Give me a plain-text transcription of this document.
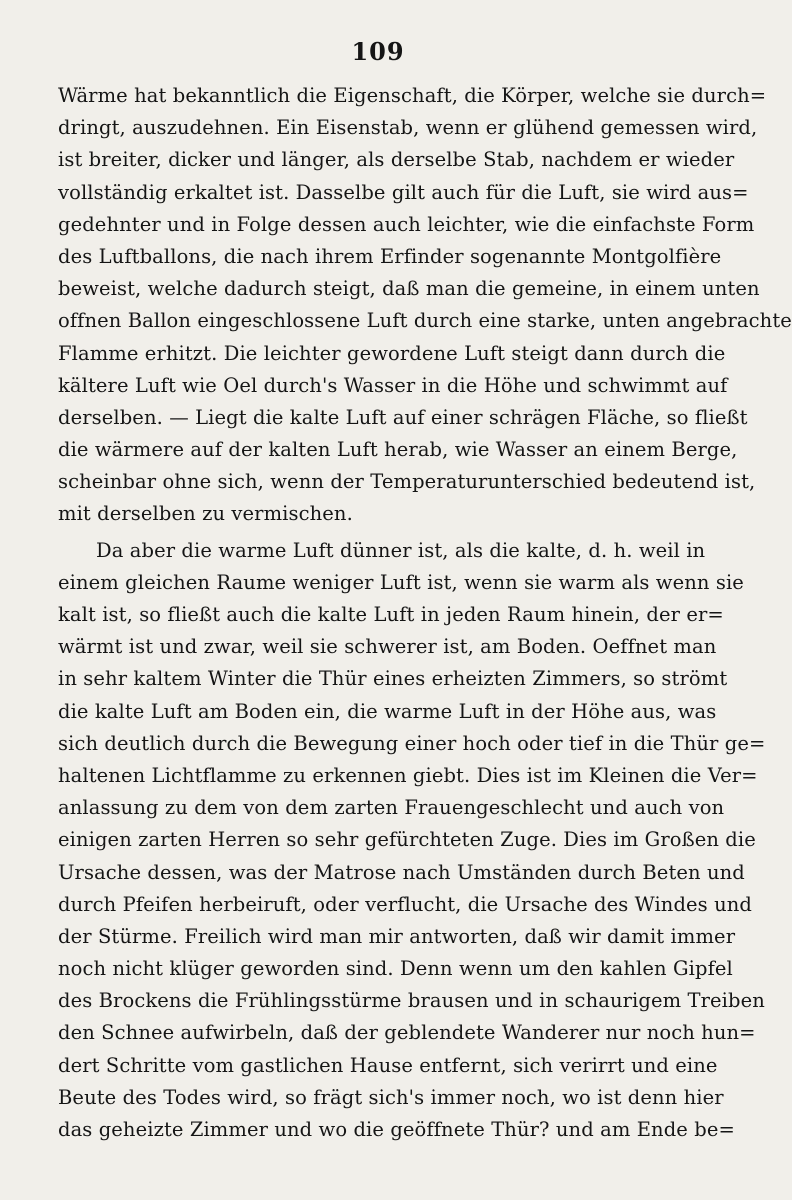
109
Wärme hat bekanntlich die Eigenschaft, die Körper, welche sie durch=
dringt, auszudehnen. Ein Eisenstab, wenn er glühend gemessen wird,
ist breiter, dicker und länger, als derselbe Stab, nachdem er wieder
vollständig erkaltet ist. Dasselbe gilt auch für die Luft, sie wird aus=
gedehnter und in Folge dessen auch leichter, wie die einfachste Form
des Luftballons, die nach ihrem Erfinder sogenannte Montgolfière
beweist, welche dadurch steigt, daß man die gemeine, in einem unten
offnen Ballon eingeschlossene Luft durch eine starke, unten angebrachte
Flamme erhitzt. Die leichter gewordene Luft steigt dann durch die
kältere Luft wie Oel durch's Wasser in die Höhe und schwimmt auf
derselben. — Liegt die kalte Luft auf einer schrägen Fläche, so fließt
die wärmere auf der kalten Luft herab, wie Wasser an einem Berge,
scheinbar ohne sich, wenn der Temperaturunterschied bedeutend ist,
mit derselben zu vermischen.
Da aber die warme Luft dünner ist, als die kalte, d. h. weil in
einem gleichen Raume weniger Luft ist, wenn sie warm als wenn sie
kalt ist, so fließt auch die kalte Luft in jeden Raum hinein, der er=
wärmt ist und zwar, weil sie schwerer ist, am Boden. Oeffnet man
in sehr kaltem Winter die Thür eines erheizten Zimmers, so strömt
die kalte Luft am Boden ein, die warme Luft in der Höhe aus, was
sich deutlich durch die Bewegung einer hoch oder tief in die Thür ge=
haltenen Lichtflamme zu erkennen giebt. Dies ist im Kleinen die Ver=
anlassung zu dem von dem zarten Frauengeschlecht und auch von
einigen zarten Herren so sehr gefürchteten Zuge. Dies im Großen die
Ursache dessen, was der Matrose nach Umständen durch Beten und
durch Pfeifen herbeiruft, oder verflucht, die Ursache des Windes und
der Stürme. Freilich wird man mir antworten, daß wir damit immer
noch nicht klüger geworden sind. Denn wenn um den kahlen Gipfel
des Brockens die Frühlingsstürme brausen und in schaurigem Treiben
den Schnee aufwirbeln, daß der geblendete Wanderer nur noch hun=
dert Schritte vom gastlichen Hause entfernt, sich verirrt und eine
Beute des Todes wird, so frägt sich's immer noch, wo ist denn hier
das geheizte Zimmer und wo die geöffnete Thür? und am Ende be=
